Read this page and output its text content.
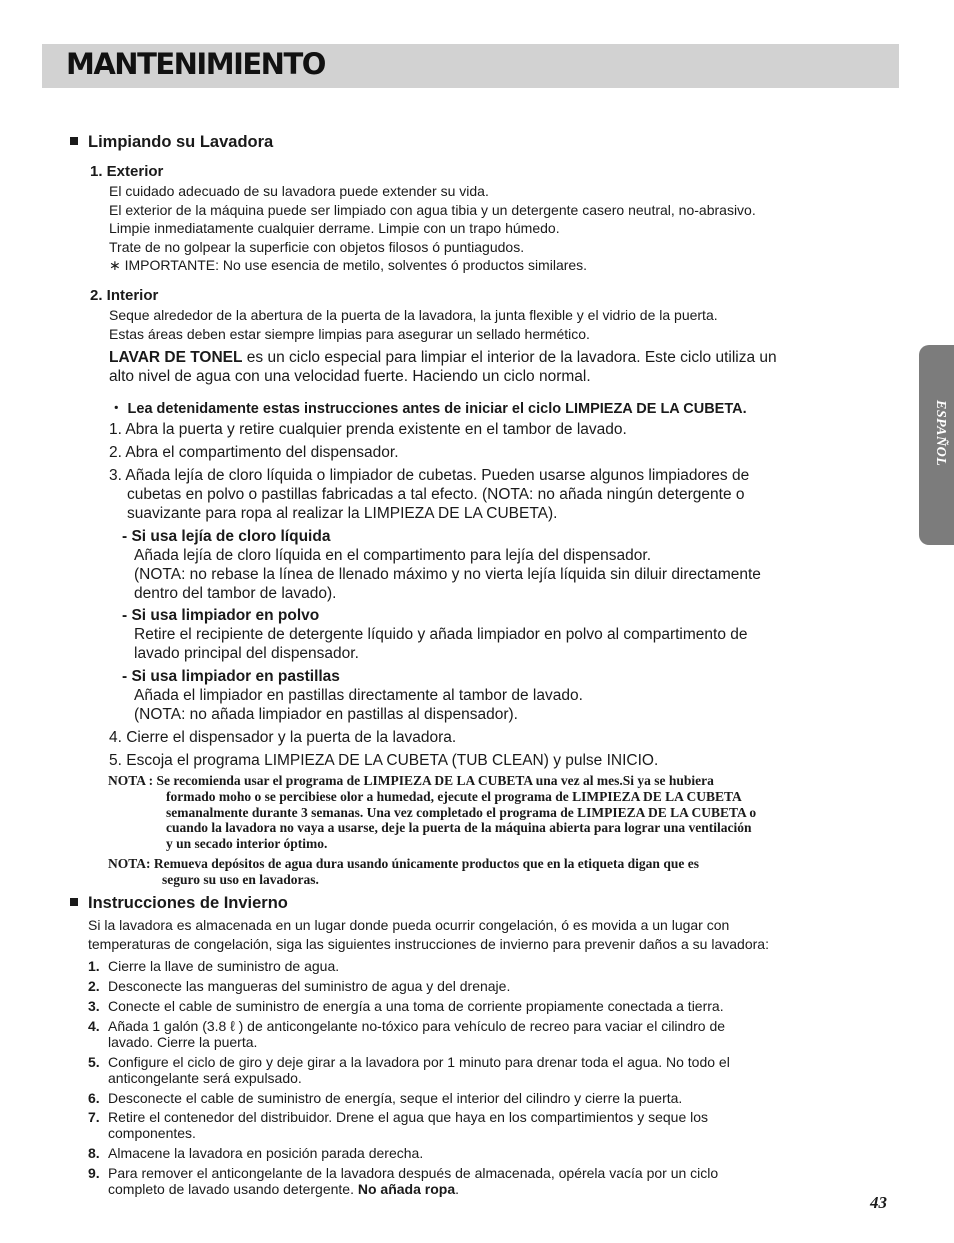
MANTENIMIENTO
ESPAÑOL
Limpiando su Lavadora
1. Exterior
El cuidado adecuado de su lavadora puede extender su vida.
El exterior de la máquina puede ser limpiado con agua tibia y un detergente casero neutral, no-abrasivo.
Limpie inmediatamente cualquier derrame. Limpie con un trapo húmedo.
Trate de no golpear la superficie con objetos filosos ó puntiagudos.
∗ IMPORTANTE: No use esencia de metilo, solventes ó productos similares.
2. Interior
Seque alrededor de la abertura de la puerta de la lavadora, la junta flexible y el vidrio de la puerta.
Estas áreas deben estar siempre limpias para asegurar un sellado hermético.
LAVAR DE TONEL es un ciclo especial para limpiar el interior de la lavadora. Este ciclo utiliza un
alto nivel de agua con una velocidad fuerte. Haciendo un ciclo normal.
・ Lea detenidamente estas instrucciones antes de iniciar el ciclo LIMPIEZA DE LA CUBETA.
1. Abra la puerta y retire cualquier prenda existente en el tambor de lavado.
2. Abra el compartimento del dispensador.
3. Añada lejía de cloro líquida o limpiador de cubetas. Pueden usarse algunos limpiadores de
cubetas en polvo o pastillas fabricadas a tal efecto. (NOTA: no añada ningún detergente o
suavizante para ropa al realizar la LIMPIEZA DE LA CUBETA).
- Si usa lejía de cloro líquida
Añada lejía de cloro líquida en el compartimento para lejía del dispensador.
(NOTA: no rebase la línea de llenado máximo y no vierta lejía líquida sin diluir directamente
dentro del tambor de lavado).
- Si usa limpiador en polvo
Retire el recipiente de detergente líquido y añada limpiador en polvo al compartimento de
lavado principal del dispensador.
- Si usa limpiador en pastillas
Añada el limpiador en pastillas directamente al tambor de lavado.
(NOTA: no añada limpiador en pastillas al dispensador).
4. Cierre el dispensador y la puerta de la lavadora.
5. Escoja el programa LIMPIEZA DE LA CUBETA (TUB CLEAN) y pulse INICIO.
NOTA : Se recomienda usar el programa de LIMPIEZA DE LA CUBETA una vez al mes.Si ya se hubiera
formado moho o se percibiese olor a humedad, ejecute el programa de LIMPIEZA DE LA CUBETA
semanalmente durante 3 semanas. Una vez completado el programa de LIMPIEZA DE LA CUBETA o
cuando la lavadora no vaya a usarse, deje la puerta de la máquina abierta para lograr una ventilación
y un secado interior óptimo.
NOTA: Remueva depósitos de agua dura usando únicamente productos que en la etiqueta digan que es
seguro su uso en lavadoras.
Instrucciones de Invierno
Si la lavadora es almacenada en un lugar donde pueda ocurrir congelación, ó es movida a un lugar con
temperaturas de congelación, siga las siguientes instrucciones de invierno para prevenir daños a su lavadora:
1. Cierre la llave de suministro de agua.
2. Desconecte las mangueras del suministro de agua y del drenaje.
3. Conecte el cable de suministro de energía a una toma de corriente propiamente conectada a tierra.
4. Añada 1 galón (3.8 ℓ ) de anticongelante no-tóxico para vehículo de recreo para vaciar el cilindro de
lavado. Cierre la puerta.
5. Configure el ciclo de giro y deje girar a la lavadora por 1 minuto para drenar toda el agua. No todo el
anticongelante será expulsado.
6. Desconecte el cable de suministro de energía, seque el interior del cilindro y cierre la puerta.
7. Retire el contenedor del distribuidor. Drene el agua que haya en los compartimientos y seque los
componentes.
8. Almacene la lavadora en posición parada derecha.
9. Para remover el anticongelante de la lavadora después de almacenada, opérela vacía por un ciclo
completo de lavado usando detergente. No añada ropa.
43
